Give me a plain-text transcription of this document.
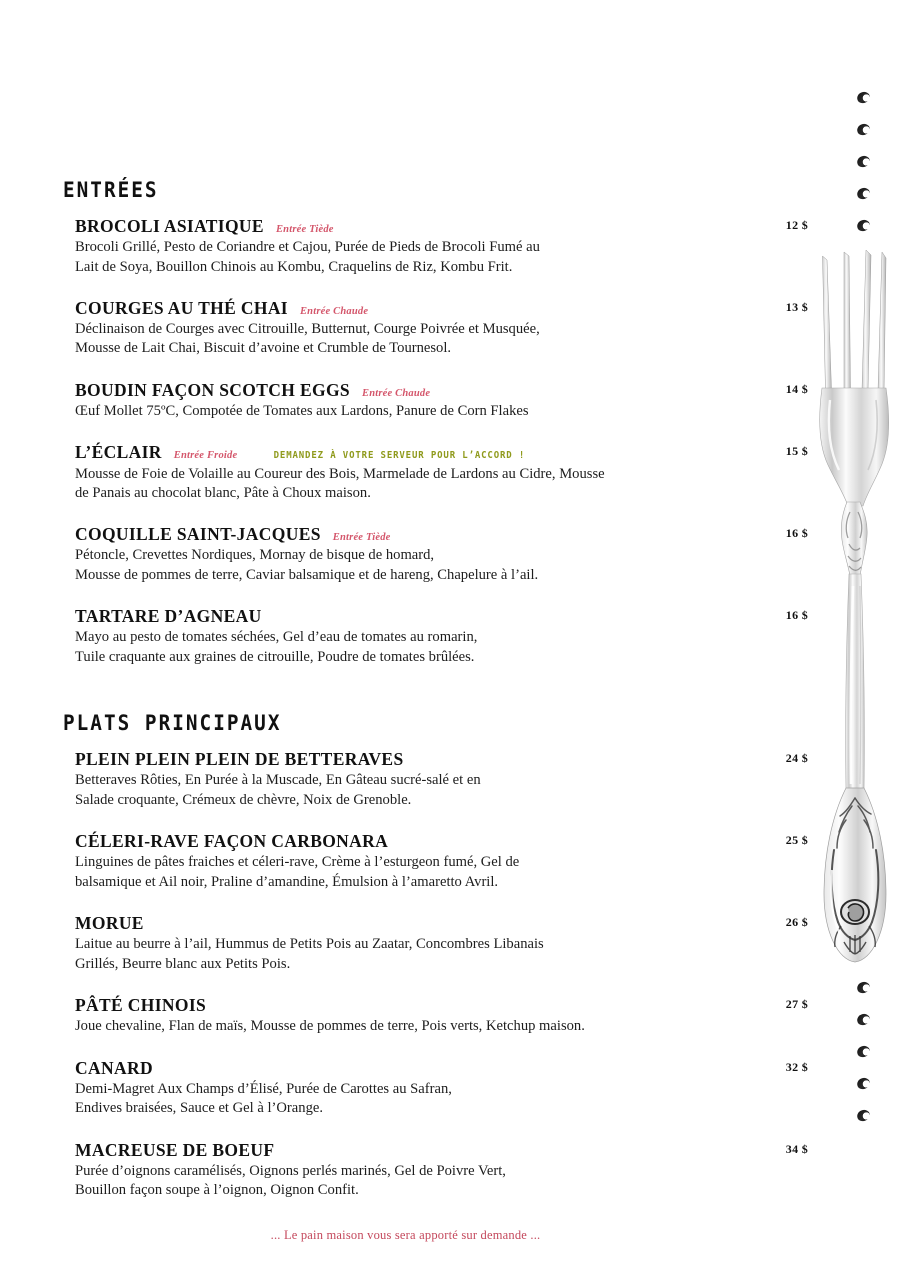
ENTRÉES
BROCOLI ASIATIQUE Entrée Tiède	12 $

Brocoli Grillé, Pesto de Coriandre et Cajou, Purée de Pieds de Brocoli Fumé au
Lait de Soya, Bouillon Chinois au Kombu, Craquelins de Riz, Kombu Frit.

COURGES AU THÉ CHAI Entrée Chaude	13 $

Déclinaison de Courges avec Citrouille, Butternut, Courge Poivrée et Musquée,
Mousse de Lait Chai, Biscuit d’avoine et Crumble de Tournesol.

BOUDIN FAÇON SCOTCH EGGS Entrée Chaude	14 $

Œuf Mollet 75ºC, Compotée de Tomates aux Lardons, Panure de Corn Flakes

L’ÉCLAIR Entrée Froide	DEMANDEZ À VOTRE SERVEUR POUR L’ACCORD !	15 $

Mousse de Foie de Volaille au Coureur des Bois, Marmelade de Lardons au Cidre, Mousse
de Panais au chocolat blanc, Pâte à Choux maison.

COQUILLE SAINT-JACQUES Entrée Tiède	16 $

Pétoncle, Crevettes Nordiques, Mornay de bisque de homard,
Mousse de pommes de terre, Caviar balsamique et de hareng, Chapelure à l’ail.

TARTARE D’AGNEAU	16 $

Mayo au pesto de tomates séchées, Gel d’eau de tomates au romarin,
Tuile craquante aux graines de citrouille, Poudre de tomates brûlées.

PLATS PRINCIPAUX
PLEIN PLEIN PLEIN DE BETTERAVES	24 $

Betteraves Rôties, En Purée à la Muscade, En Gâteau sucré-salé et en
Salade croquante, Crémeux de chèvre, Noix de Grenoble.

CÉLERI-RAVE FAÇON CARBONARA	25 $

Linguines de pâtes fraiches et céleri-rave, Crème à l’esturgeon fumé, Gel de
balsamique et Ail noir, Praline d’amandine, Émulsion à l’amaretto Avril.

MORUE	26 $

Laitue au beurre à l’ail, Hummus de Petits Pois au Zaatar, Concombres Libanais
Grillés, Beurre blanc aux Petits Pois.

PÂTÉ CHINOIS	27 $

Joue chevaline, Flan de maïs, Mousse de pommes de terre, Pois verts, Ketchup maison.

CANARD	32 $

Demi-Magret Aux Champs d’Élisé, Purée de Carottes au Safran,
Endives braisées, Sauce et Gel à l’Orange.

MACREUSE DE BOEUF	34 $

Purée d’oignons caramélisés, Oignons perlés marinés, Gel de Poivre Vert,
Bouillon façon soupe à l’oignon, Oignon Confit.

... Le pain maison vous sera apporté sur demande ...
